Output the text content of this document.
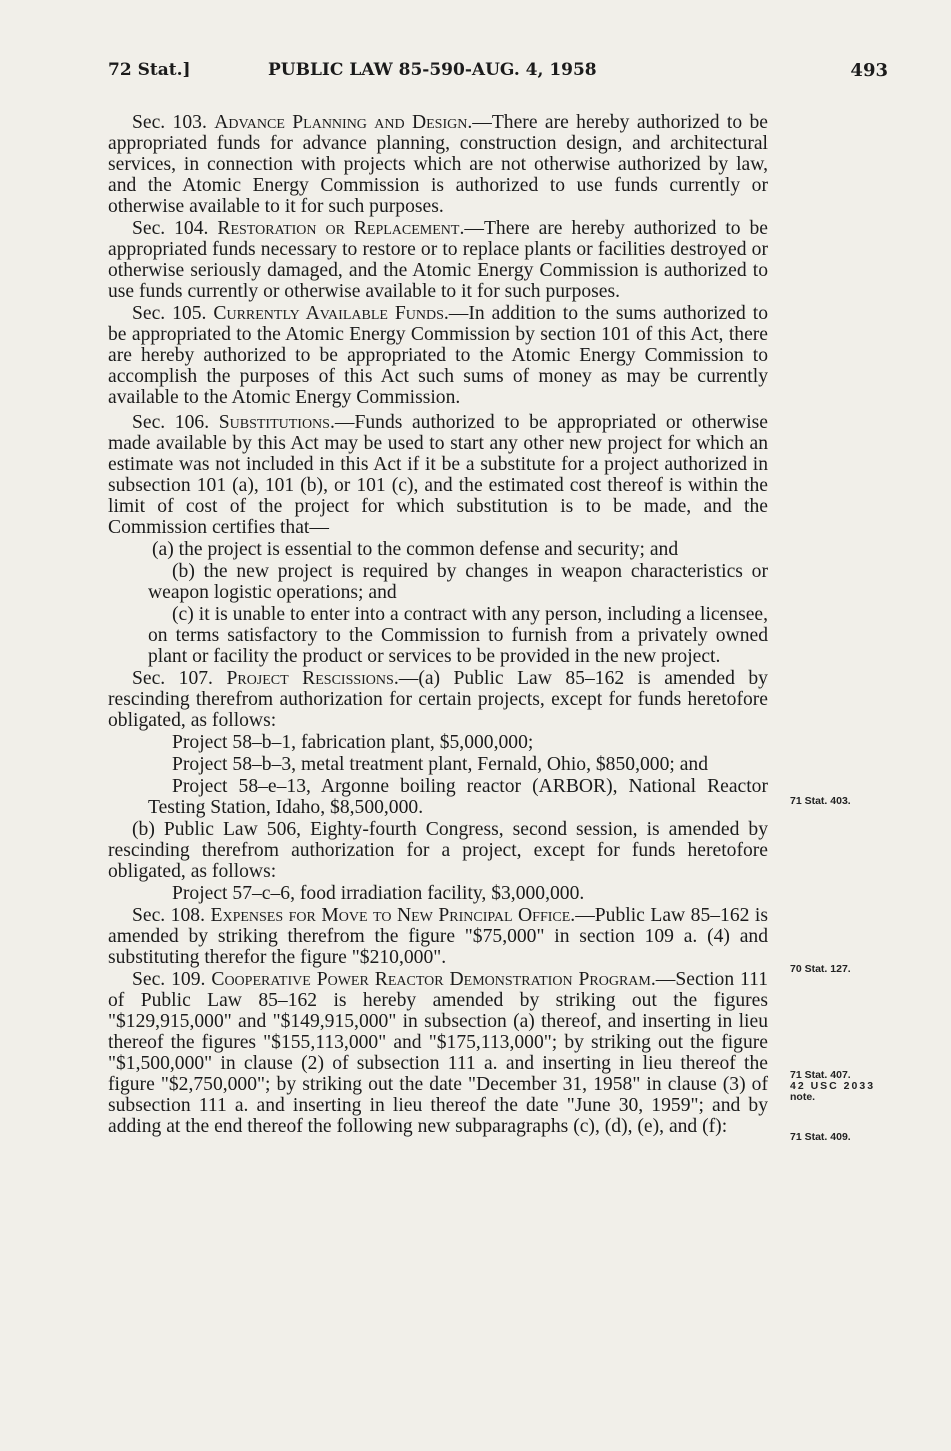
72 Stat.]	PUBLIC LAW 85-590-AUG. 4, 1958	493

Sec. 103. Advance Planning and Design.—There are hereby authorized to be appropriated funds for advance planning, construction design, and architectural services, in connection with projects which are not otherwise authorized by law, and the Atomic Energy Commission is authorized to use funds currently or otherwise available to it for such purposes.

Sec. 104. Restoration or Replacement.—There are hereby authorized to be appropriated funds necessary to restore or to replace plants or facilities destroyed or otherwise seriously damaged, and the Atomic Energy Commission is authorized to use funds currently or otherwise available to it for such purposes.

Sec. 105. Currently Available Funds.—In addition to the sums authorized to be appropriated to the Atomic Energy Commission by section 101 of this Act, there are hereby authorized to be appropriated to the Atomic Energy Commission to accomplish the purposes of this Act such sums of money as may be currently available to the Atomic Energy Commission.

Sec. 106. Substitutions.—Funds authorized to be appropriated or otherwise made available by this Act may be used to start any other new project for which an estimate was not included in this Act if it be a substitute for a project authorized in subsection 101 (a), 101 (b), or 101 (c), and the estimated cost thereof is within the limit of cost of the project for which substitution is to be made, and the Commission certifies that—

(a) the project is essential to the common defense and security; and

(b) the new project is required by changes in weapon characteristics or weapon logistic operations; and

(c) it is unable to enter into a contract with any person, including a licensee, on terms satisfactory to the Commission to furnish from a privately owned plant or facility the product or services to be provided in the new project.

Sec. 107. Project Rescissions.—(a) Public Law 85–162 is amended by rescinding therefrom authorization for certain projects, except for funds heretofore obligated, as follows:

Project 58–b–1, fabrication plant, $5,000,000;

Project 58–b–3, metal treatment plant, Fernald, Ohio, $850,000; and

Project 58–e–13, Argonne boiling reactor (ARBOR), National Reactor Testing Station, Idaho, $8,500,000.

(b) Public Law 506, Eighty-fourth Congress, second session, is amended by rescinding therefrom authorization for a project, except for funds heretofore obligated, as follows:

Project 57–c–6, food irradiation facility, $3,000,000.

Sec. 108. Expenses for Move to New Principal Office.—Public Law 85–162 is amended by striking therefrom the figure "$75,000" in section 109 a. (4) and substituting therefor the figure "$210,000".

Sec. 109. Cooperative Power Reactor Demonstration Program.—Section 111 of Public Law 85–162 is hereby amended by striking out the figures "$129,915,000" and "$149,915,000" in subsection (a) thereof, and inserting in lieu thereof the figures "$155,113,000" and "$175,113,000"; by striking out the figure "$1,500,000" in clause (2) of subsection 111 a. and inserting in lieu thereof the figure "$2,750,000"; by striking out the date "December 31, 1958" in clause (3) of subsection 111 a. and inserting in lieu thereof the date "June 30, 1959"; and by adding at the end thereof the following new subparagraphs (c), (d), (e), and (f):

71 Stat. 403.
70 Stat. 127.
71 Stat. 407.
42 USC 2033
note.
71 Stat. 409.
